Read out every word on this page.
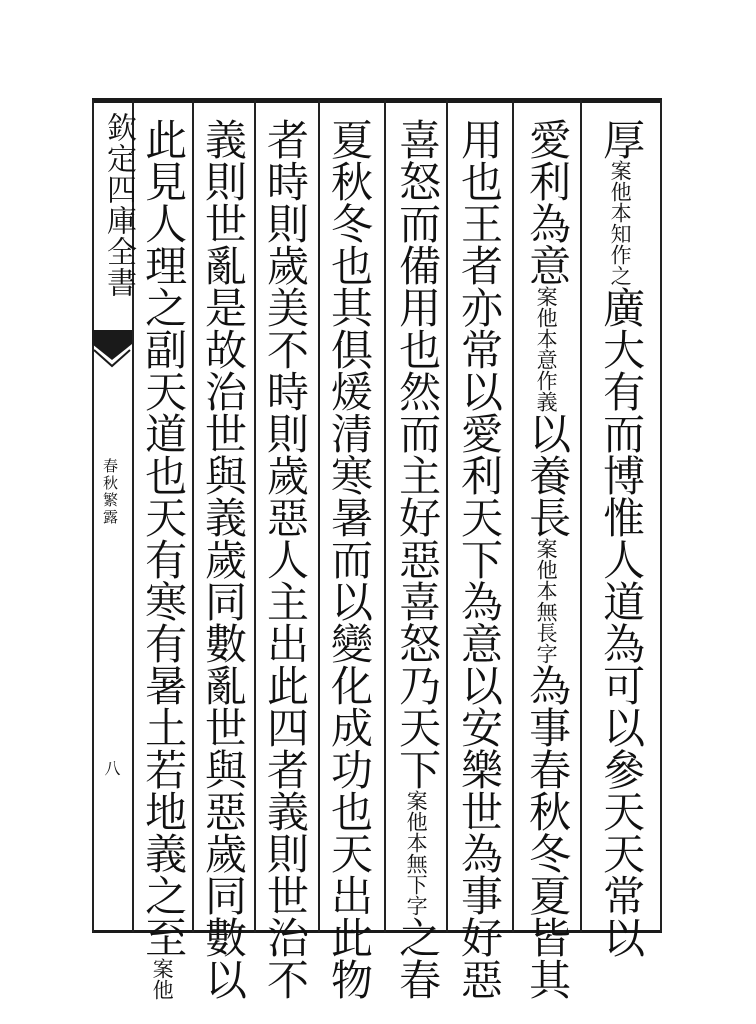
欽定四庫全書
春秋繁露
八
厚案他本知作之廣大有而博惟人道為可以參天天常以
愛利為意案他本意作義以養長案他本無長字為事春秋冬夏皆其
用也王者亦常以愛利天下為意以安樂世為事好惡
喜怒而備用也然而主好惡喜怒乃天下案他本無下字之春
夏秋冬也其俱煖清寒暑而以變化成功也天出此物
者時則歲美不時則歲惡人主出此四者義則世治不
義則世亂是故治世與義歲同數亂世與惡歲同數以
此見人理之副天道也天有寒有暑土若地義之至案他
